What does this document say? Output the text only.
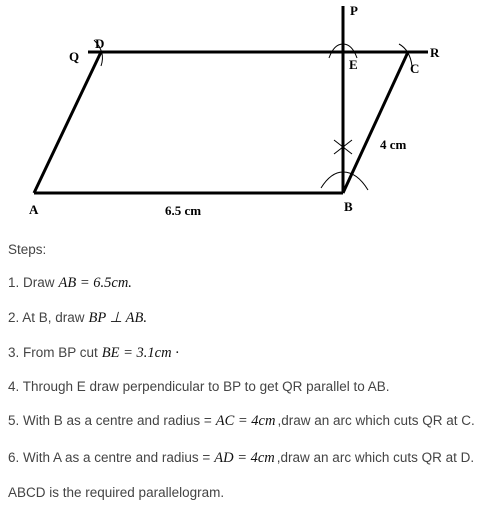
P
Q
D
E
R
C
A	B
6.5 cm
4 cm
Steps:
1. Draw AB = 6.5cm.
2. At B, draw BP ⊥ AB.
3. From BP cut BE = 3.1cm ·
4. Through E draw perpendicular to BP to get QR parallel to AB.
5. With B as a centre and radius = AC = 4cm ,draw an arc which cuts QR at C.
6. With A as a centre and radius = AD = 4cm ,draw an arc which cuts QR at D.
ABCD is the required parallelogram.
